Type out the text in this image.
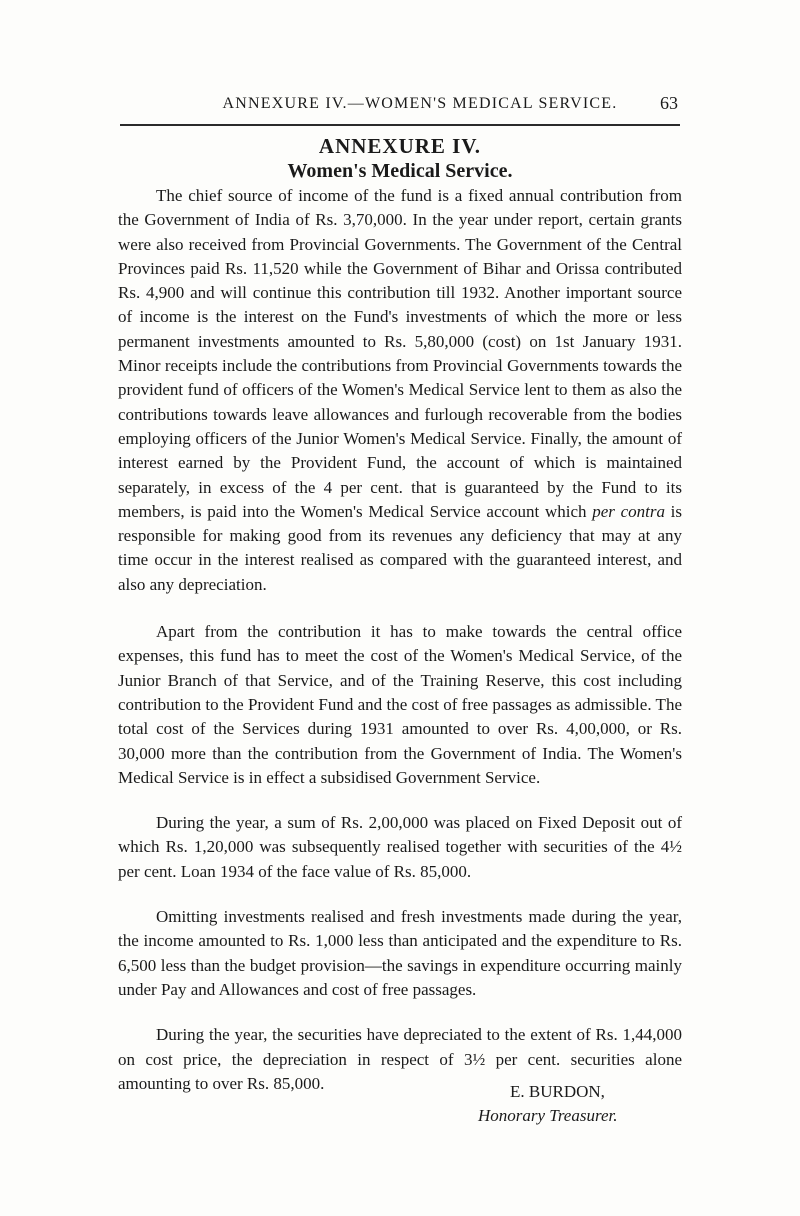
ANNEXURE IV.—WOMEN'S MEDICAL SERVICE.	63
ANNEXURE IV.
Women's Medical Service.

The chief source of income of the fund is a fixed annual contribution from the Government of India of Rs. 3,70,000. In the year under report, certain grants were also received from Provincial Governments. The Government of the Central Provinces paid Rs. 11,520 while the Government of Bihar and Orissa contributed Rs. 4,900 and will continue this contribution till 1932. Another important source of income is the interest on the Fund's investments of which the more or less permanent investments amounted to Rs. 5,80,000 (cost) on 1st January 1931. Minor receipts include the contributions from Provincial Governments towards the provident fund of officers of the Women's Medical Service lent to them as also the contributions towards leave allowances and furlough recoverable from the bodies employing officers of the Junior Women's Medical Service. Finally, the amount of interest earned by the Provident Fund, the account of which is maintained separately, in excess of the 4 per cent. that is guaranteed by the Fund to its members, is paid into the Women's Medical Service account which per contra is responsible for making good from its revenues any deficiency that may at any time occur in the interest realised as compared with the guaranteed interest, and also any depreciation.

Apart from the contribution it has to make towards the central office expenses, this fund has to meet the cost of the Women's Medical Service, of the Junior Branch of that Service, and of the Training Reserve, this cost including contribution to the Provident Fund and the cost of free passages as admissible. The total cost of the Services during 1931 amounted to over Rs. 4,00,000, or Rs. 30,000 more than the contribution from the Government of India. The Women's Medical Service is in effect a subsidised Government Service.

During the year, a sum of Rs. 2,00,000 was placed on Fixed Deposit out of which Rs. 1,20,000 was subsequently realised together with securities of the 4½ per cent. Loan 1934 of the face value of Rs. 85,000.

Omitting investments realised and fresh investments made during the year, the income amounted to Rs. 1,000 less than anticipated and the expenditure to Rs. 6,500 less than the budget provision—the savings in expenditure occurring mainly under Pay and Allowances and cost of free passages.

During the year, the securities have depreciated to the extent of Rs. 1,44,000 on cost price, the depreciation in respect of 3½ per cent. securities alone amounting to over Rs. 85,000.	E. BURDON,
Honorary Treasurer.
